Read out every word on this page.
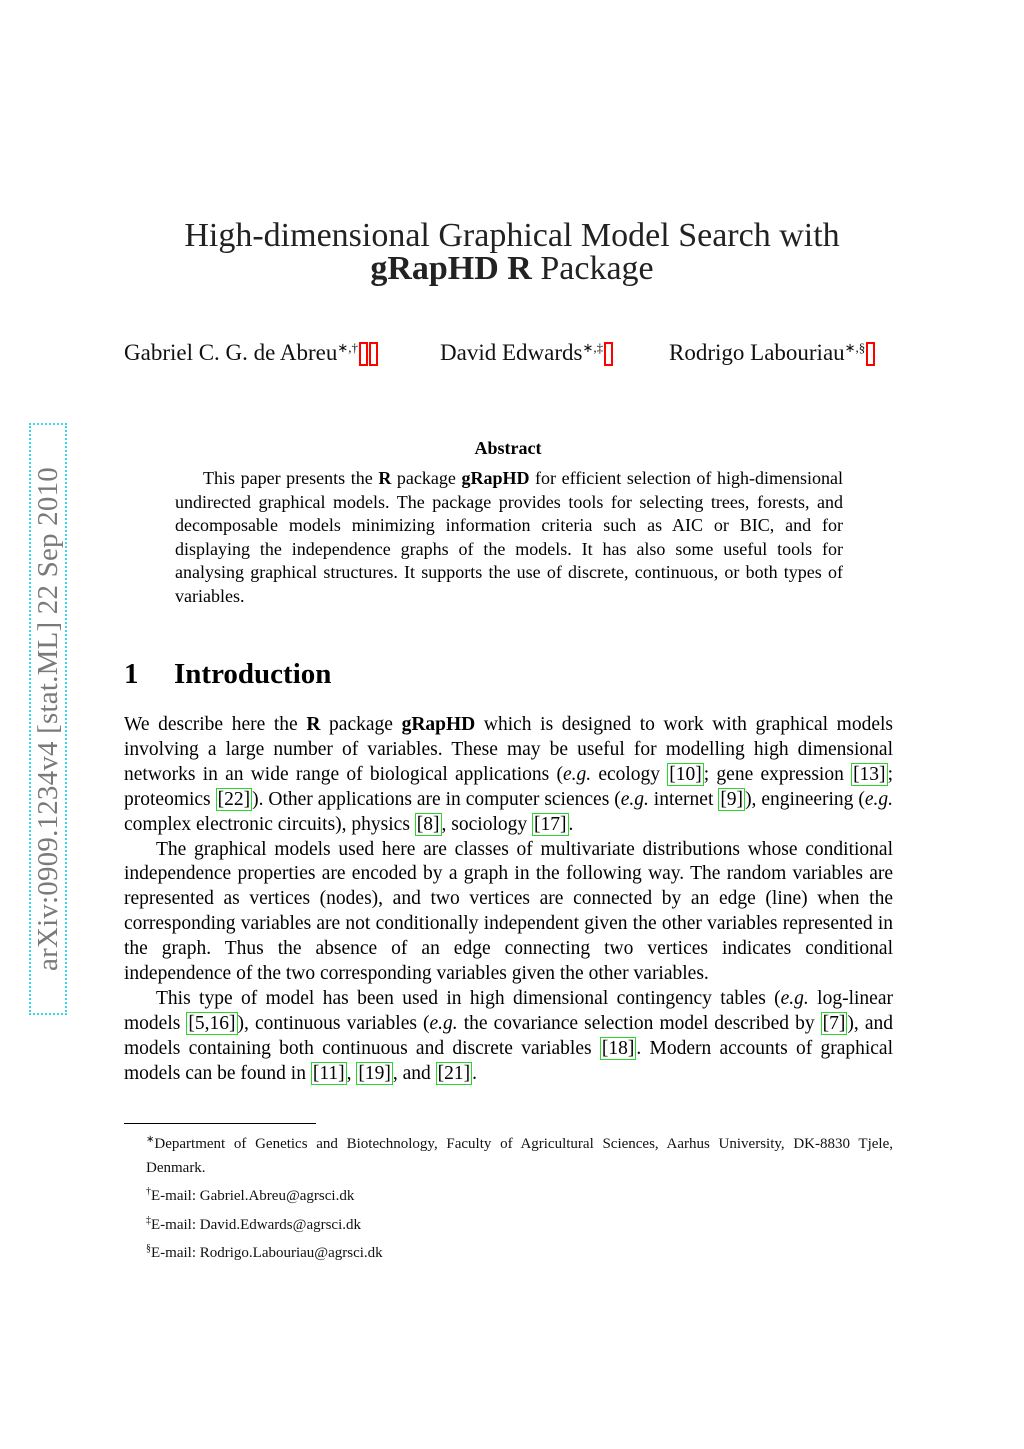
arXiv:0909.1234v4 [stat.ML] 22 Sep 2010
High-dimensional Graphical Model Search with
gRapHD R Package
Gabriel C. G. de Abreu∗,†	David Edwards∗,‡	Rodrigo Labouriau∗,§
Abstract

This paper presents the R package gRapHD for efficient selection of high-dimensional undirected graphical models. The package provides tools for selecting trees, forests, and decomposable models minimizing information criteria such as AIC or BIC, and for displaying the independence graphs of the models. It has also some useful tools for analysing graphical structures. It supports the use of discrete, continuous, or both types of variables.

1 Introduction

We describe here the R package gRapHD which is designed to work with graphical models involving a large number of variables. These may be useful for modelling high dimensional networks in an wide range of biological applications (e.g. ecology [10] ; gene expression [13] ; proteomics [22] ). Other applications are in computer sciences (e.g. internet [9] ), engineering (e.g. complex electronic circuits), physics [8] , sociology [17] .

The graphical models used here are classes of multivariate distributions whose conditional independence properties are encoded by a graph in the following way. The random variables are represented as vertices (nodes), and two vertices are connected by an edge (line) when the corresponding variables are not conditionally independent given the other variables represented in the graph. Thus the absence of an edge connecting two vertices indicates conditional independence of the two corresponding variables given the other variables.

This type of model has been used in high dimensional contingency tables (e.g. log-linear models [5,16] ), continuous variables (e.g. the covariance selection model described by [7] ), and models containing both continuous and discrete variables [18] . Modern accounts of graphical models can be found in [11] , [19] , and [21] .

∗Department of Genetics and Biotechnology, Faculty of Agricultural Sciences, Aarhus University, DK-8830 Tjele, Denmark.

†E-mail: Gabriel.Abreu@agrsci.dk

‡E-mail: David.Edwards@agrsci.dk

§E-mail: Rodrigo.Labouriau@agrsci.dk
